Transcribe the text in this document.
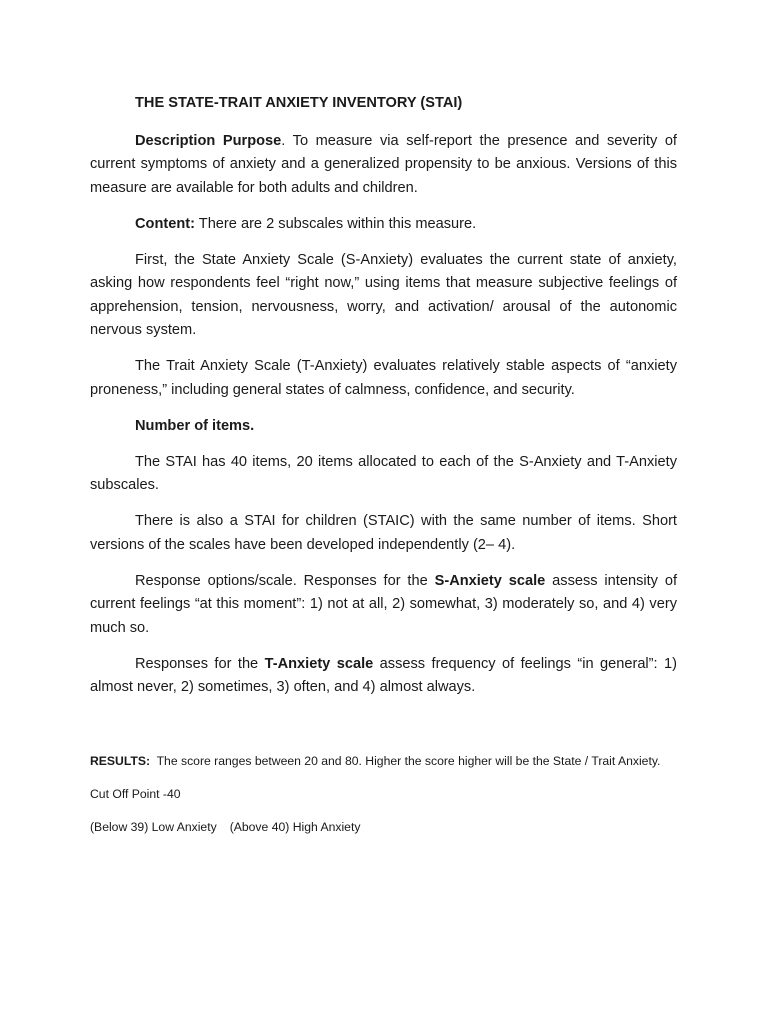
THE STATE-TRAIT ANXIETY INVENTORY (STAI)

Description Purpose. To measure via self-report the presence and severity of current symptoms of anxiety and a generalized propensity to be anxious. Versions of this measure are available for both adults and children.

Content: There are 2 subscales within this measure.

First, the State Anxiety Scale (S-Anxiety) evaluates the current state of anxiety, asking how respondents feel “right now,” using items that measure subjective feelings of apprehension, tension, nervousness, worry, and activation/ arousal of the autonomic nervous system.

The Trait Anxiety Scale (T-Anxiety) evaluates relatively stable aspects of “anxiety proneness,” including general states of calmness, confidence, and security.

Number of items.

The STAI has 40 items, 20 items allocated to each of the S-Anxiety and T-Anxiety subscales.

There is also a STAI for children (STAIC) with the same number of items. Short versions of the scales have been developed independently (2– 4).

Response options/scale. Responses for the S-Anxiety scale assess intensity of current feelings “at this moment”: 1) not at all, 2) somewhat, 3) moderately so, and 4) very much so.

Responses for the T-Anxiety scale assess frequency of feelings “in general”: 1) almost never, 2) sometimes, 3) often, and 4) almost always.

RESULTS:  The score ranges between 20 and 80. Higher the score higher will be the State / Trait Anxiety.

Cut Off Point -40

(Below 39) Low Anxiety (Above 40) High Anxiety
